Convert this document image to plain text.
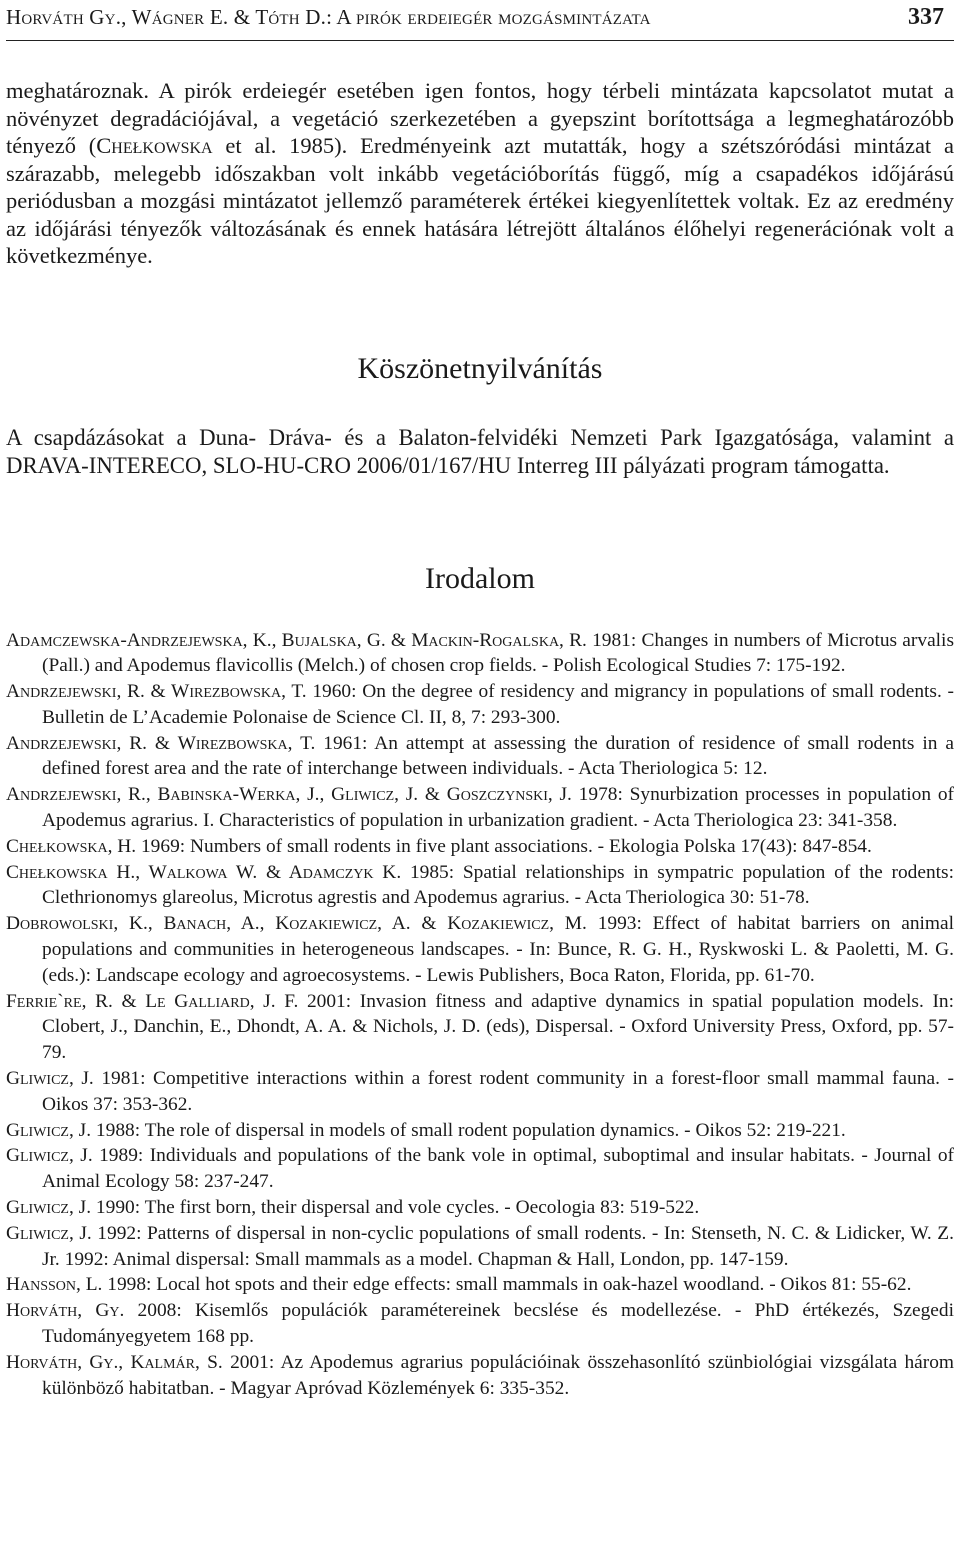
Horváth Gy., Wágner E. & Tóth D.: A pirók erdeiegér mozgásmintázata	337

meghatároznak. A pirók erdeiegér esetében igen fontos, hogy térbeli mintázata kapcsolatot mutat a növényzet degradációjával, a vegetáció szerkezetében a gyepszint borítottsága a legmeghatározóbb tényező (Chełkowska et al. 1985). Eredményeink azt mutatták, hogy a szétszóródási mintázat a szárazabb, melegebb időszakban volt inkább vegetációborítás függő, míg a csapadékos időjárású periódusban a mozgási mintázatot jellemző paraméterek értékei kiegyenlítettek voltak. Ez az eredmény az időjárási tényezők változásának és ennek hatására létrejött általános élőhelyi regenerációnak volt a következménye.

Köszönetnyilvánítás

A csapdázásokat a Duna- Dráva- és a Balaton-felvidéki Nemzeti Park Igazgatósága, valamint a DRAVA-INTERECO, SLO-HU-CRO 2006/01/167/HU Interreg III pályázati program támogatta.

Irodalom
Adamczewska-Andrzejewska, K., Bujalska, G. & Mackin-Rogalska, R. 1981: Changes in numbers of Microtus arvalis (Pall.) and Apodemus flavicollis (Melch.) of chosen crop fields. - Polish Ecological Studies 7: 175-192.
Andrzejewski, R. & Wirezbowska, T. 1960: On the degree of residency and migrancy in populations of small rodents. - Bulletin de L’Academie Polonaise de Science Cl. II, 8, 7: 293-300.
Andrzejewski, R. & Wirezbowska, T. 1961: An attempt at assessing the duration of residence of small rodents in a defined forest area and the rate of interchange between individuals. - Acta Theriologica 5: 12.
Andrzejewski, R., Babinska-Werka, J., Gliwicz, J. & Goszczynski, J. 1978: Synurbization processes in population of Apodemus agrarius. I. Characteristics of population in urbanization gradient. - Acta Theriologica 23: 341-358.
Chełkowska, H. 1969: Numbers of small rodents in five plant associations. - Ekologia Polska 17(43): 847-854.
Chełkowska H., Walkowa W. & Adamczyk K. 1985: Spatial relationships in sympatric population of the rodents: Clethrionomys glareolus, Microtus agrestis and Apodemus agrarius. - Acta Theriologica 30: 51-78.
Dobrowolski, K., Banach, A., Kozakiewicz, A. & Kozakiewicz, M. 1993: Effect of habitat barriers on animal populations and communities in heterogeneous landscapes. - In: Bunce, R. G. H., Ryskwoski L. & Paoletti, M. G. (eds.): Landscape ecology and agroecosystems. - Lewis Publishers, Boca Raton, Florida, pp. 61-70.
Ferrie`re, R. & Le Galliard, J. F. 2001: Invasion fitness and adaptive dynamics in spatial population models. In: Clobert, J., Danchin, E., Dhondt, A. A. & Nichols, J. D. (eds), Dispersal. - Oxford University Press, Oxford, pp. 57-79.
Gliwicz, J. 1981: Competitive interactions within a forest rodent community in a forest-floor small mammal fauna. - Oikos 37: 353-362.
Gliwicz, J. 1988: The role of dispersal in models of small rodent population dynamics. - Oikos 52: 219-221.
Gliwicz, J. 1989: Individuals and populations of the bank vole in optimal, suboptimal and insular habitats. - Journal of Animal Ecology 58: 237-247.
Gliwicz, J. 1990: The first born, their dispersal and vole cycles. - Oecologia 83: 519-522.
Gliwicz, J. 1992: Patterns of dispersal in non-cyclic populations of small rodents. - In: Stenseth, N. C. & Lidicker, W. Z. Jr. 1992: Animal dispersal: Small mammals as a model. Chapman & Hall, London, pp. 147-159.
Hansson, L. 1998: Local hot spots and their edge effects: small mammals in oak-hazel woodland. - Oikos 81: 55-62.
Horváth, Gy. 2008: Kisemlős populációk paramétereinek becslése és modellezése. - PhD értékezés, Szegedi Tudományegyetem 168 pp.
Horváth, Gy., Kalmár, S. 2001: Az Apodemus agrarius populációinak összehasonlító szünbiológiai vizsgálata három különböző habitatban. - Magyar Apróvad Közlemények 6: 335-352.
